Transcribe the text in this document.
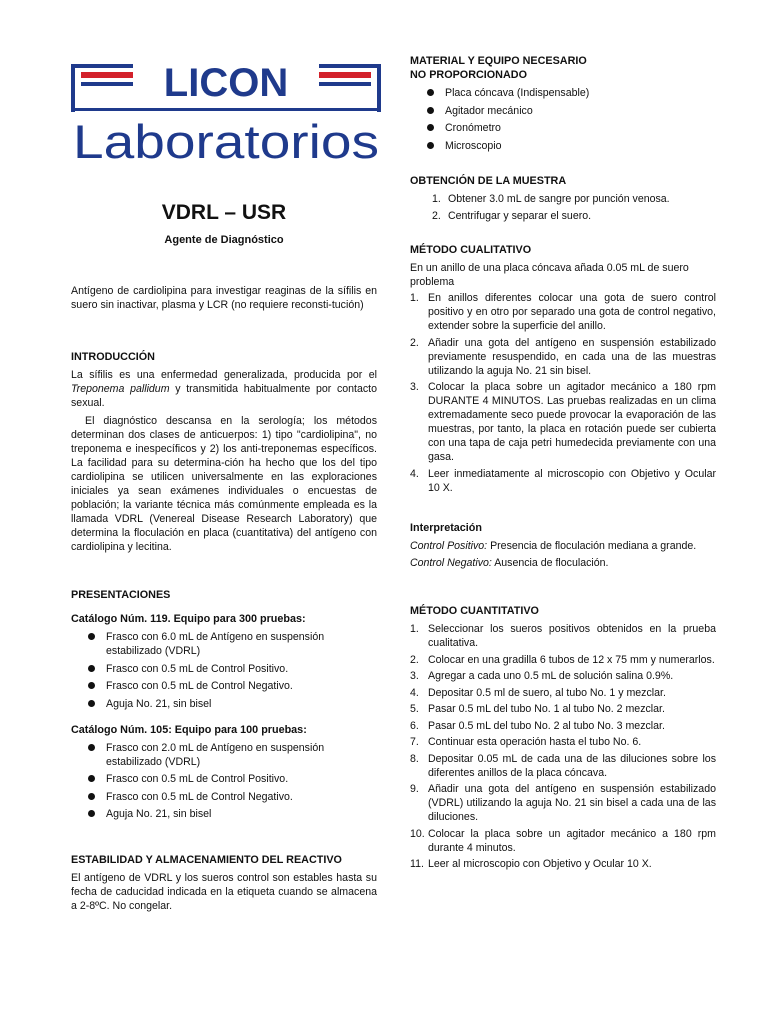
LICON
Laboratorios
VDRL – USR
Agente de Diagnóstico

Antígeno de cardiolipina para investigar reaginas de la sífilis en suero sin inactivar, plasma y LCR (no requiere reconsti-tución)

INTRODUCCIÓN

La sífilis es una enfermedad generalizada, producida por el Treponema pallidum y transmitida habitualmente por contacto sexual.

El diagnóstico descansa en la serología; los métodos determinan dos clases de anticuerpos: 1) tipo "cardiolipina", no treponema e inespecíficos y 2) los anti-treponemas específicos. La facilidad para su determina-ción ha hecho que los del tipo cardiolipina se utilicen universalmente en las exploraciones iniciales ya sean exámenes individuales o encuestas de población; la variante técnica más comúnmente empleada es la llamada VDRL (Venereal Disease Research Laboratory) que determina la floculación en placa (cuantitativa) del antígeno con cardiolipina y lecitina.

PRESENTACIONES
Catálogo Núm. 119. Equipo para 300 pruebas:
Frasco con 6.0 mL de Antígeno en suspensión estabilizado (VDRL)
Frasco con 0.5 mL de Control Positivo.
Frasco con 0.5 mL de Control Negativo.
Aguja No. 21, sin bisel
Catálogo Núm. 105: Equipo para 100 pruebas:
Frasco con 2.0 mL de Antígeno en suspensión estabilizado (VDRL)
Frasco con 0.5 mL de Control Positivo.
Frasco con 0.5 mL de Control Negativo.
Aguja No. 21, sin bisel
ESTABILIDAD Y ALMACENAMIENTO DEL REACTIVO

El antígeno de VDRL y los sueros control son estables hasta su fecha de caducidad indicada en la etiqueta cuando se almacena a 2-8ºC. No congelar.

MATERIAL Y EQUIPO NECESARIO
NO PROPORCIONADO
Placa cóncava (Indispensable)
Agitador mecánico
Cronómetro
Microscopio
OBTENCIÓN DE LA MUESTRA
1. Obtener 3.0 mL de sangre por punción venosa.
2. Centrifugar y separar el suero.
MÉTODO CUALITATIVO

En un anillo de una placa cóncava añada 0.05 mL de suero problema

1. En anillos diferentes colocar una gota de suero control positivo y en otro por separado una gota de control negativo, extender sobre la superficie del anillo.

2. Añadir una gota del antígeno en suspensión estabilizado previamente resuspendido, en cada una de las muestras utilizando la aguja No. 21 sin bisel.

3. Colocar la placa sobre un agitador mecánico a 180 rpm DURANTE 4 MINUTOS. Las pruebas realizadas en un clima extremadamente seco puede provocar la evaporación de las muestras, por tanto, la placa en rotación puede ser cubierta con una tapa de caja petri humedecida previamente con una gasa.

4. Leer inmediatamente al microscopio con Objetivo y Ocular 10 X.

Interpretación

Control Positivo: Presencia de floculación mediana a grande.

Control Negativo: Ausencia de floculación.

MÉTODO CUANTITATIVO
1. Seleccionar los sueros positivos obtenidos en la prueba cualitativa.

2. Colocar en una gradilla 6 tubos de 12 x 75 mm y numerarlos.

3. Agregar a cada uno 0.5 mL de solución salina 0.9%.

4. Depositar 0.5 ml de suero, al tubo No. 1 y mezclar.

5. Pasar 0.5 mL del tubo No. 1 al tubo No. 2 mezclar.

6. Pasar 0.5 mL del tubo No. 2 al tubo No. 3 mezclar.

7. Continuar esta operación hasta el tubo No. 6.

8. Depositar 0.05 mL de cada una de las diluciones sobre los diferentes anillos de la placa cóncava.

9. Añadir una gota del antígeno en suspensión estabilizado (VDRL) utilizando la aguja No. 21 sin bisel a cada una de las diluciones.

10. Colocar la placa sobre un agitador mecánico a 180 rpm durante 4 minutos.

11. Leer al microscopio con Objetivo y Ocular 10 X.
